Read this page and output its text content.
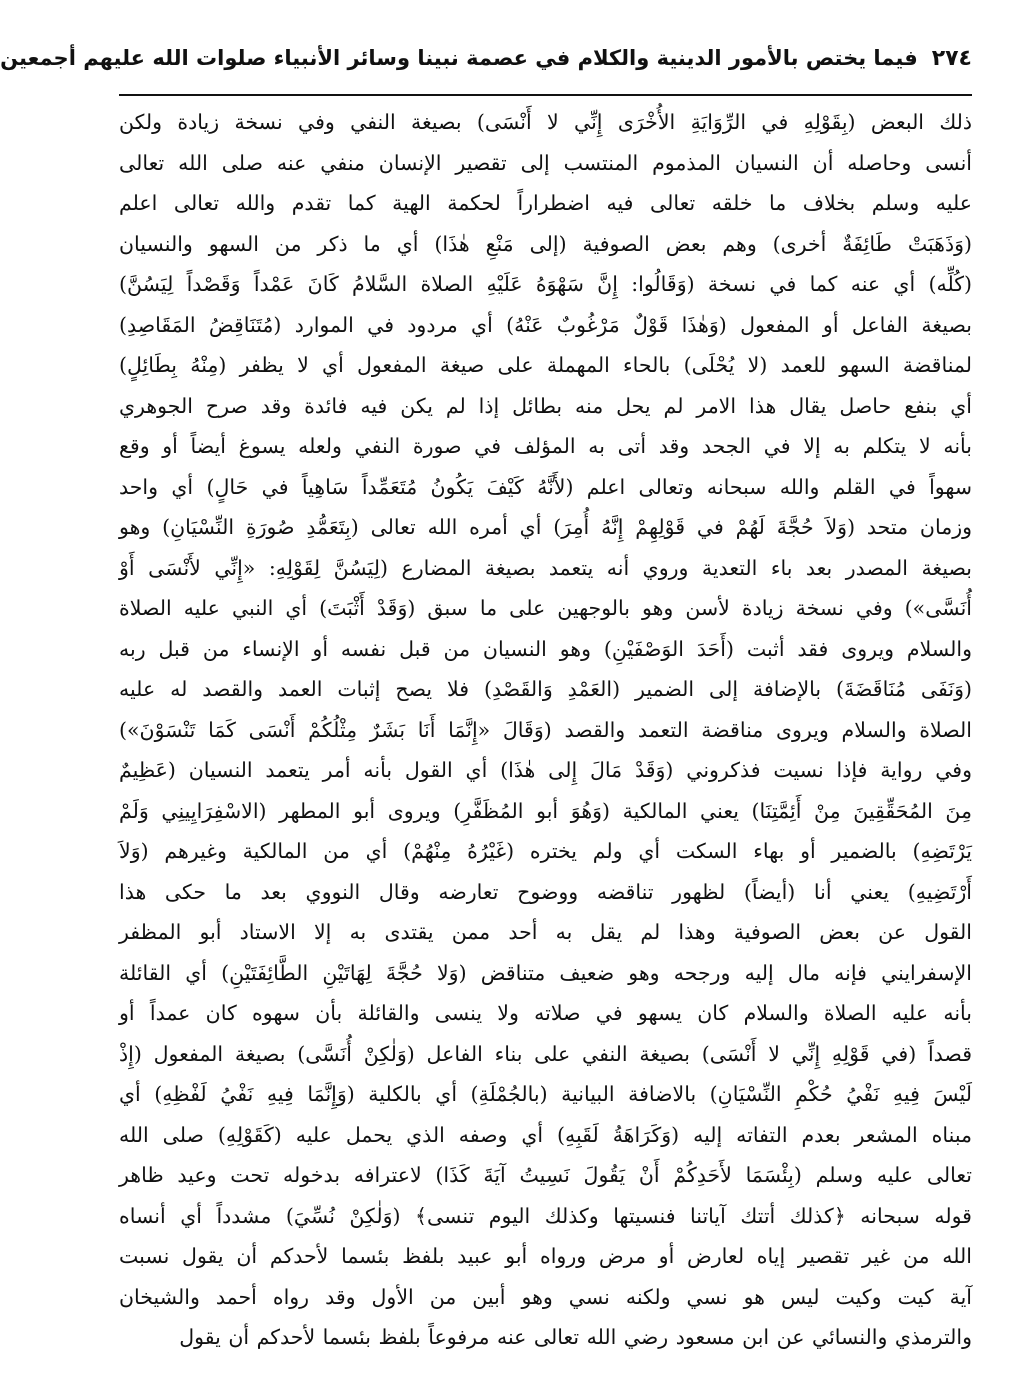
٢٧٤
فيما يختص بالأمور الدينية والكلام في عصمة نبينا وسائر الأنبياء صلوات الله عليهم أجمعين
ذلك البعض (بِقَوْلِهِ في الرِّوَايَةِ الأُخْرَى إِنِّي لا أَنْسَى) بصيغة النفي وفي نسخة زيادة ولكن
أنسى وحاصله أن النسيان المذموم المنتسب إلى تقصير الإنسان منفي عنه صلى الله تعالى
عليه وسلم بخلاف ما خلقه تعالى فيه اضطراراً لحكمة الهية كما تقدم والله تعالى اعلم
(وَذَهَبَتْ طَائِفَةٌ أخرى) وهم بعض الصوفية (إلى مَنْعِ هٰذَا) أي ما ذكر من السهو والنسيان
(كُلِّه) أي عنه كما في نسخة (وَقَالُوا: إِنَّ سَهْوَهُ عَلَيْهِ الصلاة السَّلامُ كَانَ عَمْداً وَقَصْداً لِيَسُنَّ)
بصيغة الفاعل أو المفعول (وَهٰذَا قَوْلٌ مَرْغُوبٌ عَنْهُ) أي مردود في الموارد (مُتَنَاقِضُ المَقَاصِدِ)
لمناقضة السهو للعمد (لا يُحْلَى) بالحاء المهملة على صيغة المفعول أي لا يظفر (مِنْهُ بِطَائِلٍ)
أي بنفع حاصل يقال هذا الامر لم يحل منه بطائل إذا لم يكن فيه فائدة وقد صرح الجوهري
بأنه لا يتكلم به إلا في الجحد وقد أتى به المؤلف في صورة النفي ولعله يسوغ أيضاً أو وقع
سهواً في القلم والله سبحانه وتعالى اعلم (لأَنَّهُ كَيْفَ يَكُونُ مُتَعَمِّداً سَاهِياً في حَالٍ) أي واحد
وزمان متحد (وَلاَ حُجَّةَ لَهُمْ في قَوْلِهِمْ إِنَّهُ أُمِرَ) أي أمره الله تعالى (بِتَعَمُّدِ صُورَةِ النِّسْيَانِ) وهو
بصيغة المصدر بعد باء التعدية وروي أنه يتعمد بصيغة المضارع (لِيَسُنَّ لِقَوْلِهِ: «إِنِّي لأَنْسَى أَوْ
أُنَسَّى») وفي نسخة زيادة لأسن وهو بالوجهين على ما سبق (وَقَدْ أَثْبَتَ) أي النبي عليه الصلاة
والسلام ويروى فقد أثبت (أَحَدَ الوَصْفَيْنِ) وهو النسيان من قبل نفسه أو الإنساء من قبل ربه
(وَنَفَى مُنَاقَضَةَ) بالإضافة إلى الضمير (العَمْدِ وَالقَصْدِ) فلا يصح إثبات العمد والقصد له عليه
الصلاة والسلام ويروى مناقضة التعمد والقصد (وَقَالَ «إِنَّمَا أَنَا بَشَرٌ مِثْلُكُمْ أَنْسَى كَمَا تَنْسَوْنَ»)
وفي رواية فإذا نسيت فذكروني (وَقَدْ مَالَ إِلى هٰذَا) أي القول بأنه أمر يتعمد النسيان (عَظِيمٌ
مِنَ المُحَقِّقِينَ مِنْ أَئِمَّتِنَا) يعني المالكية (وَهُوَ أبو المُظَفَّرِ) ويروى أبو المطهر (الاسْفِرَايِينِي وَلَمْ
يَرْتَضِهِ) بالضمير أو بهاء السكت أي ولم يختره (غَيْرُهُ مِنْهُمْ) أي من المالكية وغيرهم (وَلاَ
أَرْتَضِيهِ) يعني أنا (أيضاً) لظهور تناقضه ووضوح تعارضه وقال النووي بعد ما حكى هذا
القول عن بعض الصوفية وهذا لم يقل به أحد ممن يقتدى به إلا الاستاد أبو المظفر
الإسفرايني فإنه مال إليه ورجحه وهو ضعيف متناقض (وَلا حُجَّةَ لِهَاتَيْنِ الطَّائِفَتَيْنِ) أي القائلة
بأنه عليه الصلاة والسلام كان يسهو في صلاته ولا ينسى والقائلة بأن سهوه كان عمداً أو
قصداً (في قَوْلِهِ إِنِّي لا أَنْسَى) بصيغة النفي على بناء الفاعل (وَلٰكِنْ أُنَسَّى) بصيغة المفعول (إِذْ
لَيْسَ فِيهِ نَفْيُ حُكْمِ النِّسْيَانِ) بالاضافة البيانية (بالجُمْلَةِ) أي بالكلية (وَإِنَّمَا فِيهِ نَفْيُ لَفْظِهِ) أي
مبناه المشعر بعدم التفاته إليه (وَكَرَاهَةُ لَقَبِهِ) أي وصفه الذي يحمل عليه (كَقَوْلِهِ) صلى الله
تعالى عليه وسلم (بِئْسَمَا لأَحَدِكُمْ أَنْ يَقُولَ نَسِيتُ آيَةَ كَذَا) لاعترافه بدخوله تحت وعيد ظاهر
قوله سبحانه ﴿كذلك أتتك آياتنا فنسيتها وكذلك اليوم تنسى﴾ (وَلٰكِنْ نُسِّيَ) مشدداً أي أنساه
الله من غير تقصير إياه لعارض أو مرض ورواه أبو عبيد بلفظ بئسما لأحدكم أن يقول نسبت
آية كيت وكيت ليس هو نسي ولكنه نسي وهو أبين من الأول وقد رواه أحمد والشيخان
والترمذي والنسائي عن ابن مسعود رضي الله تعالى عنه مرفوعاً بلفظ بئسما لأحدكم أن يقول
